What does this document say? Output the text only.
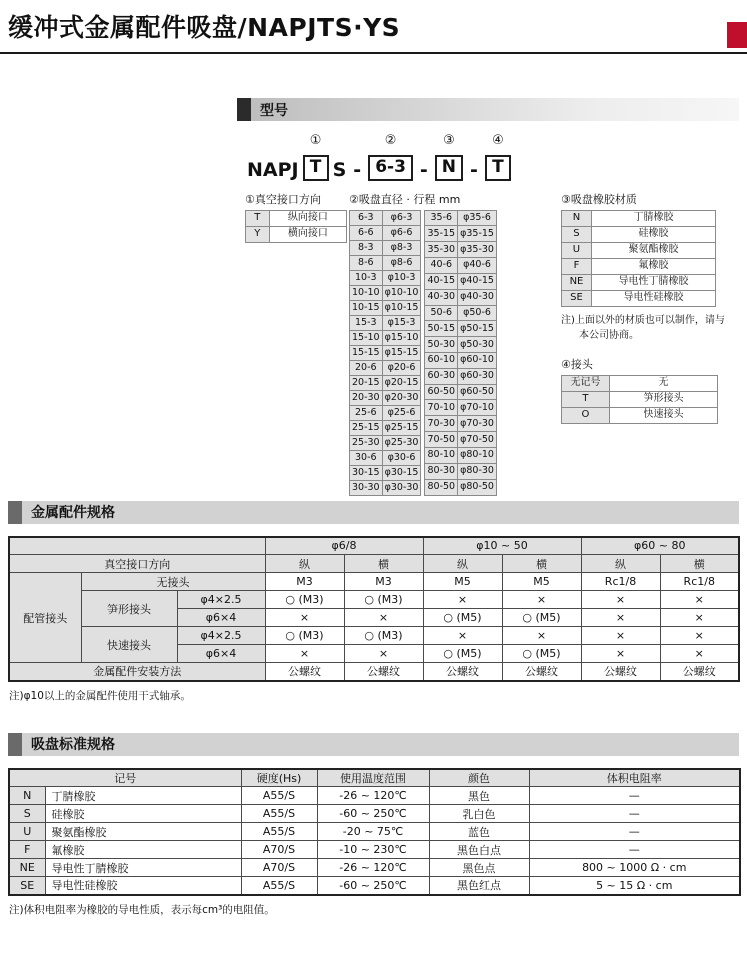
缓冲式金属配件吸盘/NAPJTS·YS
型号
NAPJ
①
T S -
②
6-3 -
③
N -
④
T
①真空接口方向
T	纵向接口
Y	横向接口
②吸盘直径 · 行程 mm
6-3	φ6-3
6-6	φ6-6
8-3	φ8-3
8-6	φ8-6
10-3	φ10-3
10-10	φ10-10
10-15	φ10-15
15-3	φ15-3
15-10	φ15-10
15-15	φ15-15
20-6	φ20-6
20-15	φ20-15
20-30	φ20-30
25-6	φ25-6
25-15	φ25-15
25-30	φ25-30
30-6	φ30-6
30-15	φ30-15
30-30	φ30-30
35-6	φ35-6
35-15	φ35-15
35-30	φ35-30
40-6	φ40-6
40-15	φ40-15
40-30	φ40-30
50-6	φ50-6
50-15	φ50-15
50-30	φ50-30
60-10	φ60-10
60-30	φ60-30
60-50	φ60-50
70-10	φ70-10
70-30	φ70-30
70-50	φ70-50
80-10	φ80-10
80-30	φ80-30
80-50	φ80-50
③吸盘橡胶材质
N	丁腈橡胶
S	硅橡胶
U	聚氨酯橡胶
F	氟橡胶
NE	导电性丁腈橡胶
SE	导电性硅橡胶
注)上面以外的材质也可以制作，请与
本公司协商。
④接头
无记号	无
T	笋形接头
O	快速接头
金属配件规格
			φ6/8		φ10 ~ 50		φ60 ~ 80	
真空接口方向			纵	横	纵	横	纵	横
配管接头	无接头		M3	M3	M5	M5	Rc1/8	Rc1/8
	笋形接头	φ4×2.5	○ (M3)	○ (M3)	×	×	×	×
		φ6×4	×	×	○ (M5)	○ (M5)	×	×
	快速接头	φ4×2.5	○ (M3)	○ (M3)	×	×	×	×
		φ6×4	×	×	○ (M5)	○ (M5)	×	×
金属配件安装方法			公螺纹	公螺纹	公螺纹	公螺纹	公螺纹	公螺纹
注)φ10以上的金属配件使用干式轴承。
吸盘标准规格
记号		硬度(Hs)	使用温度范围	颜色	体积电阻率
N	丁腈橡胶	A55/S	-26 ~ 120℃	黑色	—
S	硅橡胶	A55/S	-60 ~ 250℃	乳白色	—
U	聚氨酯橡胶	A55/S	-20 ~ 75℃	蓝色	—
F	氟橡胶	A70/S	-10 ~ 230℃	黑色白点	—
NE	导电性丁腈橡胶	A70/S	-26 ~ 120℃	黑色点	800 ~ 1000 Ω · cm
SE	导电性硅橡胶	A55/S	-60 ~ 250℃	黑色红点	5 ~ 15 Ω · cm
注)体积电阻率为橡胶的导电性质，表示每cm³的电阻值。
